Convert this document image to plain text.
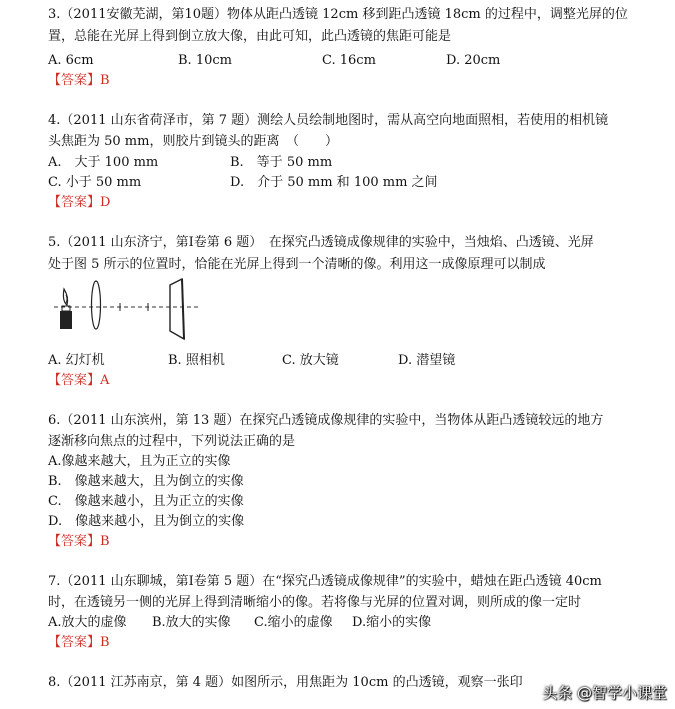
3.（2011安徽芜湖，第10题）物体从距凸透镜 12cm 移到距凸透镜 18cm 的过程中，调整光屏的位
置，总能在光屏上得到倒立放大像，由此可知，此凸透镜的焦距可能是
A. 6cm	B. 10cm	C. 16cm	D. 20cm
【答案】B
4.（2011 山东省荷泽市，第 7 题）测绘人员绘制地图时，需从高空向地面照相，若使用的相机镜
头焦距为 50 mm，则胶片到镜头的距离　（　　）
A.　大于 100 mm	B.　等于 50 mm
C. 小于 50 mm	D.　介于 50 mm 和 100 mm 之间
【答案】D
5.（2011 山东济宁，第Ⅰ卷第 6 题）　在探究凸透镜成像规律的实验中，当烛焰、凸透镜、光屏
处于图 5 所示的位置时，恰能在光屏上得到一个清晰的像。利用这一成像原理可以制成
A. 幻灯机	B. 照相机	C. 放大镜	D. 潜望镜
【答案】A
6.（2011 山东滨州，第 13 题）在探究凸透镜成像规律的实验中，当物体从距凸透镜较远的地方
逐渐移向焦点的过程中，下列说法正确的是
A.像越来越大，且为正立的实像
B.　像越来越大，且为倒立的实像
C.　像越来越小，且为正立的实像
D.　像越来越小，且为倒立的实像
【答案】B
7.（2011 山东聊城，第Ⅰ卷第 5 题）在“探究凸透镜成像规律”的实验中，蜡烛在距凸透镜 40cm
时，在透镜另一侧的光屏上得到清晰缩小的像。若将像与光屏的位置对调，则所成的像一定时
A.放大的虚像 B.放大的实像 C.缩小的虚像 D.缩小的实像
【答案】B
8.（2011 江苏南京，第 4 题）如图所示，用焦距为 10cm 的凸透镜，观察一张印
头条 @智学小课堂
